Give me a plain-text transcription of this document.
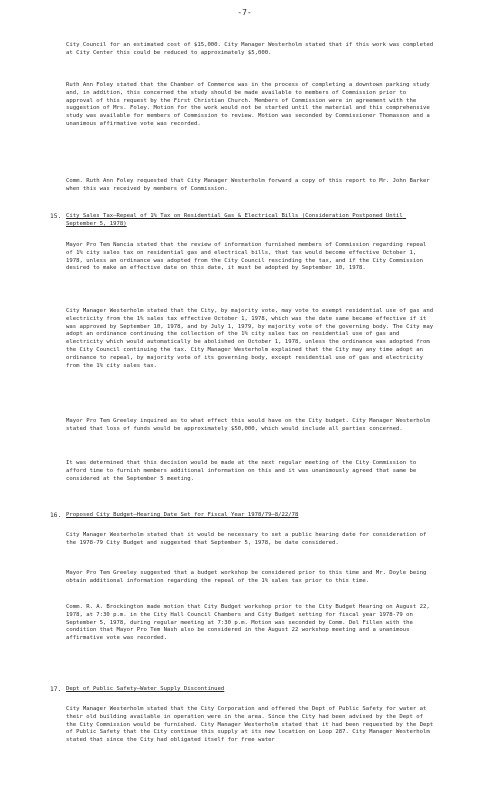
-7-

City Council for an estimated cost of $15,000. City Manager Westerholm stated that if this work was completed at City Center this could be reduced to approximately $5,000.

Ruth Ann Foley stated that the Chamber of Commerce was in the process of completing a downtown parking study and, in addition, this concerned the study should be made available to members of Commission prior to approval of this request by the First Christian Church. Members of Commission were in agreement with the suggestion of Mrs. Foley. Motion for the work would not be started until the material and this comprehensive study was available for members of Commission to review. Motion was seconded by Commissioner Thomasson and a unanimous affirmative vote was recorded.

Comm. Ruth Ann Foley requested that City Manager Westerholm forward a copy of this report to Mr. John Barker when this was received by members of Commission.

15. City Sales Tax–Repeal of 1% Tax on Residential Gas & Electrical Bills (Consideration Postponed Until September 5, 1978)

Mayor Pro Tem Nancia stated that the review of information furnished members of Commission regarding repeal of 1% city sales tax on residential gas and electrical bills, that tax would become effective October 1, 1978, unless an ordinance was adopted from the City Council rescinding the tax, and if the City Commission desired to make an effective date on this date, it must be adopted by September 10, 1978.

City Manager Westerholm stated that the City, by majority vote, may vote to exempt residential use of gas and electricity from the 1% sales tax effective October 1, 1978, which was the date same became effective if it was approved by September 10, 1978, and by July 1, 1979, by majority vote of the governing body. The City may adopt an ordinance continuing the collection of the 1% city sales tax on residential use of gas and electricity which would automatically be abolished on October 1, 1978, unless the ordinance was adopted from the City Council continuing the tax. City Manager Westerholm explained that the City may any time adopt an ordinance to repeal, by majority vote of its governing body, except residential use of gas and electricity from the 1% city sales tax.

Mayor Pro Tem Greeley inquired as to what effect this would have on the City budget. City Manager Westerholm stated that loss of funds would be approximately $50,000, which would include all parties concerned.

It was determined that this decision would be made at the next regular meeting of the City Commission to afford time to furnish members additional information on this and it was unanimously agreed that same be considered at the September 5 meeting.

16. Proposed City Budget–Hearing Date Set for Fiscal Year 1978/79–8/22/78

City Manager Westerholm stated that it would be necessary to set a public hearing date for consideration of the 1978-79 City Budget and suggested that September 5, 1978, be date considered.

Mayor Pro Tem Greeley suggested that a budget workshop be considered prior to this time and Mr. Doyle being obtain additional information regarding the repeal of the 1% sales tax prior to this time.

Comm. R. A. Brockington made motion that City Budget workshop prior to the City Budget Hearing on August 22, 1978, at 7:30 p.m. in the City Hall Council Chambers and City Budget setting for fiscal year 1978-79 on September 5, 1978, during regular meeting at 7:30 p.m. Motion was seconded by Comm. Del Fillen with the condition that Mayor Pro Tem Nash also be considered in the August 22 workshop meeting and a unanimous affirmative vote was recorded.

17. Dept of Public Safety–Water Supply Discontinued

City Manager Westerholm stated that the City Corporation and offered the Dept of Public Safety for water at their old building available in operation were in the area. Since the City had been advised by the Dept of the City Commission would be furnished. City Manager Westerholm stated that it had been requested by the Dept of Public Safety that the City continue this supply at its new location on Loop 287. City Manager Westerholm stated that since the City had obligated itself for free water
